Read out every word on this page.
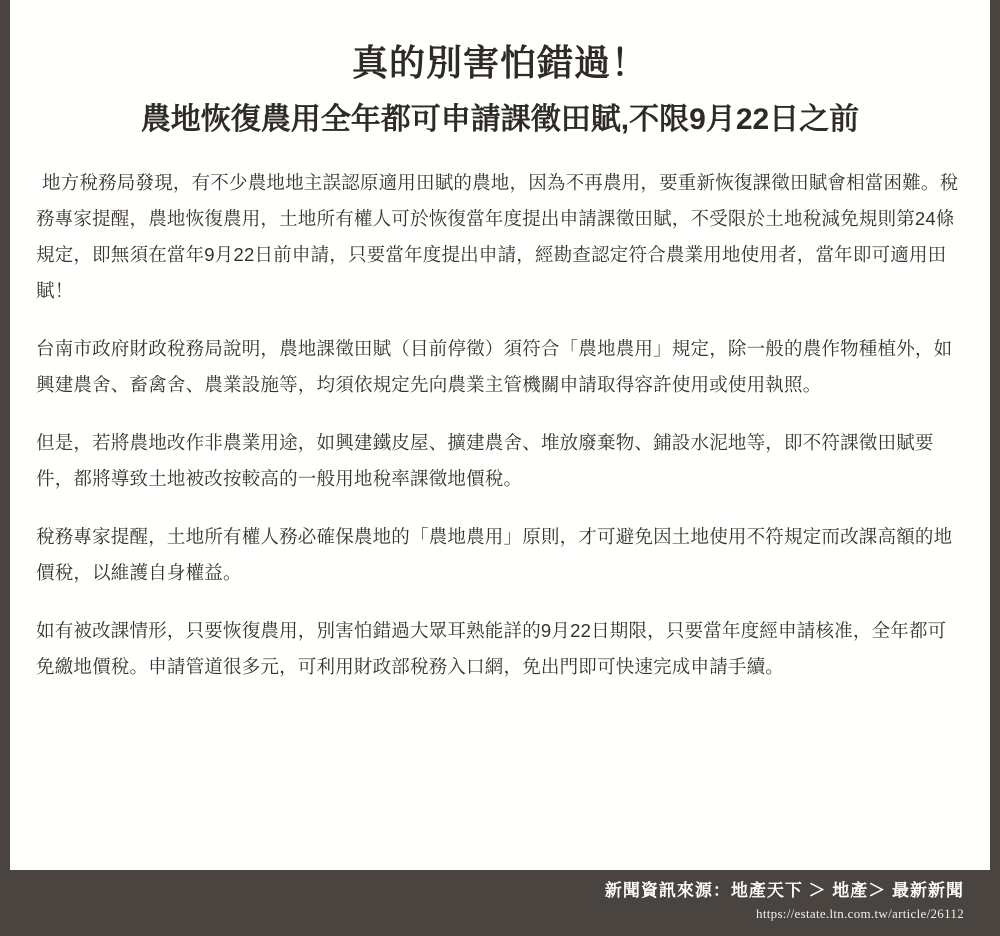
真的別害怕錯過！
農地恢復農用全年都可申請課徵田賦,不限9月22日之前

地方稅務局發現，有不少農地地主誤認原適用田賦的農地，因為不再農用，要重新恢復課徵田賦會相當困難。稅務專家提醒，農地恢復農用，土地所有權人可於恢復當年度提出申請課徵田賦，不受限於土地稅減免規則第24條規定，即無須在當年9月22日前申請，只要當年度提出申請，經勘查認定符合農業用地使用者，當年即可適用田賦！

台南市政府財政稅務局說明，農地課徵田賦（目前停徵）須符合「農地農用」規定，除一般的農作物種植外，如興建農舍、畜禽舍、農業設施等，均須依規定先向農業主管機關申請取得容許使用或使用執照。

但是，若將農地改作非農業用途，如興建鐵皮屋、擴建農舍、堆放廢棄物、鋪設水泥地等，即不符課徵田賦要件，都將導致土地被改按較高的一般用地稅率課徵地價稅。

稅務專家提醒，土地所有權人務必確保農地的「農地農用」原則，才可避免因土地使用不符規定而改課高額的地價稅，以維護自身權益。

如有被改課情形，只要恢復農用，別害怕錯過大眾耳熟能詳的9月22日期限，只要當年度經申請核准，全年都可免繳地價稅。申請管道很多元，可利用財政部稅務入口網，免出門即可快速完成申請手續。

新聞資訊來源：地產天下 ＞ 地產＞ 最新新聞
https://estate.ltn.com.tw/article/26112
